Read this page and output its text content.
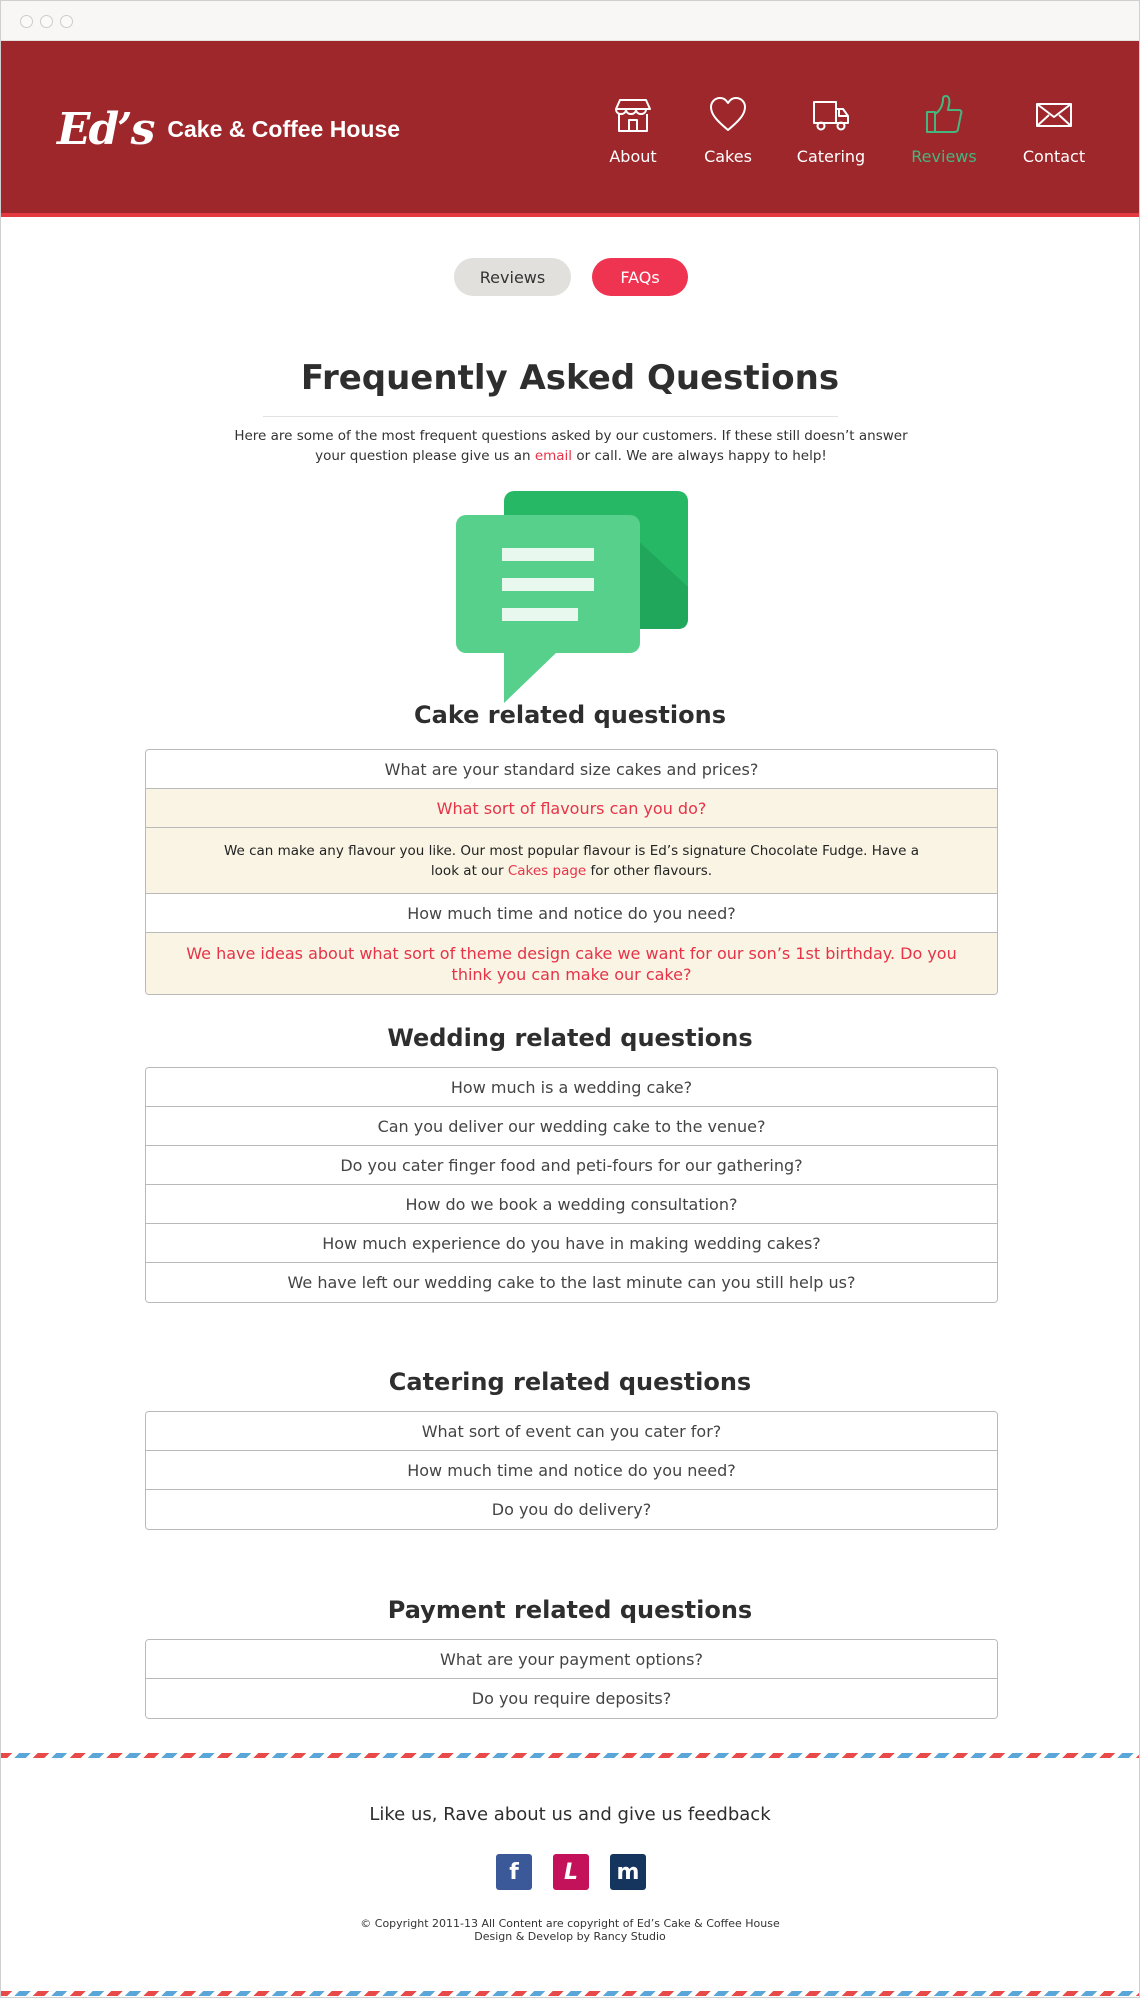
Ed’s Cake & Coffee House
About	Cakes	Catering	Reviews	Contact
Reviews	FAQs
Frequently Asked Questions

Here are some of the most frequent questions asked by our customers. If these still doesn’t answer your question please give us an email or call. We are always happy to help!

Cake related questions
What are your standard size cakes and prices?
What sort of flavours can you do?

We can make any flavour you like. Our most popular flavour is Ed’s signature Chocolate Fudge. Have a look at our Cakes page for other flavours.

How much time and notice do you need?
We have ideas about what sort of theme design cake we want for our son’s 1st birthday. Do you think you can make our cake?
Wedding related questions
How much is a wedding cake?
Can you deliver our wedding cake to the venue?
Do you cater finger food and peti-fours for our gathering?
How do we book a wedding consultation?
How much experience do you have in making wedding cakes?
We have left our wedding cake to the last minute can you still help us?
Catering related questions
What sort of event can you cater for?
How much time and notice do you need?
Do you do delivery?
Payment related questions
What are your payment options?
Do you require deposits?

Like us, Rave about us and give us feedback

f L m
© Copyright 2011-13 All Content are copyright of Ed’s Cake & Coffee House
Design & Develop by Rancy Studio
